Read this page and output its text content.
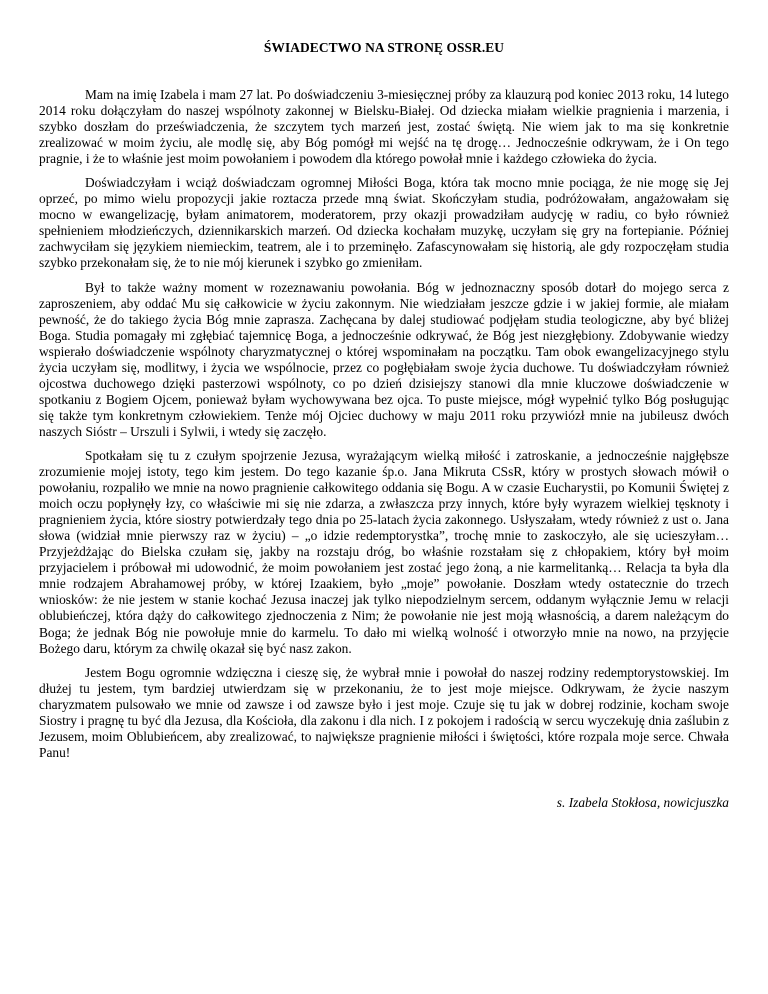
ŚWIADECTWO NA STRONĘ OSSR.EU

Mam na imię Izabela i mam 27 lat. Po doświadczeniu 3-miesięcznej próby za klauzurą pod koniec 2013 roku, 14 lutego 2014 roku dołączyłam do naszej wspólnoty zakonnej w Bielsku-Białej. Od dziecka miałam wielkie pragnienia i marzenia, i szybko doszłam do przeświadczenia, że szczytem tych marzeń jest, zostać świętą. Nie wiem jak to ma się konkretnie zrealizować w moim życiu, ale modlę się, aby Bóg pomógł mi wejść na tę drogę… Jednocześnie odkrywam, że i On tego pragnie, i że to właśnie jest moim powołaniem i powodem dla którego powołał mnie i każdego człowieka do życia.

Doświadczyłam i wciąż doświadczam ogromnej Miłości Boga, która tak mocno mnie pociąga, że nie mogę się Jej oprzeć, po mimo wielu propozycji jakie roztacza przede mną świat. Skończyłam studia, podróżowałam, angażowałam się mocno w ewangelizację, byłam animatorem, moderatorem, przy okazji prowadziłam audycję w radiu, co było również spełnieniem młodzieńczych, dziennikarskich marzeń. Od dziecka kochałam muzykę, uczyłam się gry na fortepianie. Później zachwyciłam się językiem niemieckim, teatrem, ale i to przeminęło. Zafascynowałam się historią, ale gdy rozpoczęłam studia szybko przekonałam się, że to nie mój kierunek i szybko go zmieniłam.

Był to także ważny moment w rozeznawaniu powołania. Bóg w jednoznaczny sposób dotarł do mojego serca z zaproszeniem, aby oddać Mu się całkowicie w życiu zakonnym. Nie wiedziałam jeszcze gdzie i w jakiej formie, ale miałam pewność, że do takiego życia Bóg mnie zaprasza. Zachęcana by dalej studiować podjęłam studia teologiczne, aby być bliżej Boga. Studia pomagały mi zgłębiać tajemnicę Boga, a jednocześnie odkrywać, że Bóg jest niezgłębiony. Zdobywanie wiedzy wspierało doświadczenie wspólnoty charyzmatycznej o której wspominałam na początku. Tam obok ewangelizacyjnego stylu życia uczyłam się, modlitwy, i życia we wspólnocie, przez co pogłębiałam swoje życia duchowe. Tu doświadczyłam również ojcostwa duchowego dzięki pasterzowi wspólnoty, co po dzień dzisiejszy stanowi dla mnie kluczowe doświadczenie w spotkaniu z Bogiem Ojcem, ponieważ byłam wychowywana bez ojca. To puste miejsce, mógł wypełnić tylko Bóg posługując się także tym konkretnym człowiekiem. Tenże mój Ojciec duchowy w maju 2011 roku przywiózł mnie na jubileusz dwóch naszych Sióstr – Urszuli i Sylwii, i wtedy się zaczęło.

Spotkałam się tu z czułym spojrzenie Jezusa, wyrażającym wielką miłość i zatroskanie, a jednocześnie najgłębsze zrozumienie mojej istoty, tego kim jestem. Do tego kazanie śp.o. Jana Mikruta CSsR, który w prostych słowach mówił o powołaniu, rozpaliło we mnie na nowo pragnienie całkowitego oddania się Bogu. A w czasie Eucharystii, po Komunii Świętej z moich oczu popłynęły łzy, co właściwie mi się nie zdarza, a zwłaszcza przy innych, które były wyrazem wielkiej tęsknoty i pragnieniem życia, które siostry potwierdzały tego dnia po 25-latach życia zakonnego. Usłyszałam, wtedy również z ust o. Jana słowa (widział mnie pierwszy raz w życiu) – „o idzie redemptorystka”, trochę mnie to zaskoczyło, ale się ucieszyłam… Przyjeżdżając do Bielska czułam się, jakby na rozstaju dróg, bo właśnie rozstałam się z chłopakiem, który był moim przyjacielem i próbował mi udowodnić, że moim powołaniem jest zostać jego żoną, a nie karmelitanką… Relacja ta była dla mnie rodzajem Abrahamowej próby, w której Izaakiem, było „moje” powołanie. Doszłam wtedy ostatecznie do trzech wniosków: że nie jestem w stanie kochać Jezusa inaczej jak tylko niepodzielnym sercem, oddanym wyłącznie Jemu w relacji oblubieńczej, która dąży do całkowitego zjednoczenia z Nim; że powołanie nie jest moją własnością, a darem należącym do Boga; że jednak Bóg nie powołuje mnie do karmelu. To dało mi wielką wolność i otworzyło mnie na nowo, na przyjęcie Bożego daru, którym za chwilę okazał się być nasz zakon.

Jestem Bogu ogromnie wdzięczna i cieszę się, że wybrał mnie i powołał do naszej rodziny redemptorystowskiej. Im dłużej tu jestem, tym bardziej utwierdzam się w przekonaniu, że to jest moje miejsce. Odkrywam, że życie naszym charyzmatem pulsowało we mnie od zawsze i od zawsze było i jest moje. Czuje się tu jak w dobrej rodzinie, kocham swoje Siostry i pragnę tu być dla Jezusa, dla Kościoła, dla zakonu i dla nich. I z pokojem i radością w sercu wyczekuję dnia zaślubin z Jezusem, moim Oblubieńcem, aby zrealizować, to największe pragnienie miłości i świętości, które rozpala moje serce. Chwała Panu!

s. Izabela Stokłosa, nowicjuszka
